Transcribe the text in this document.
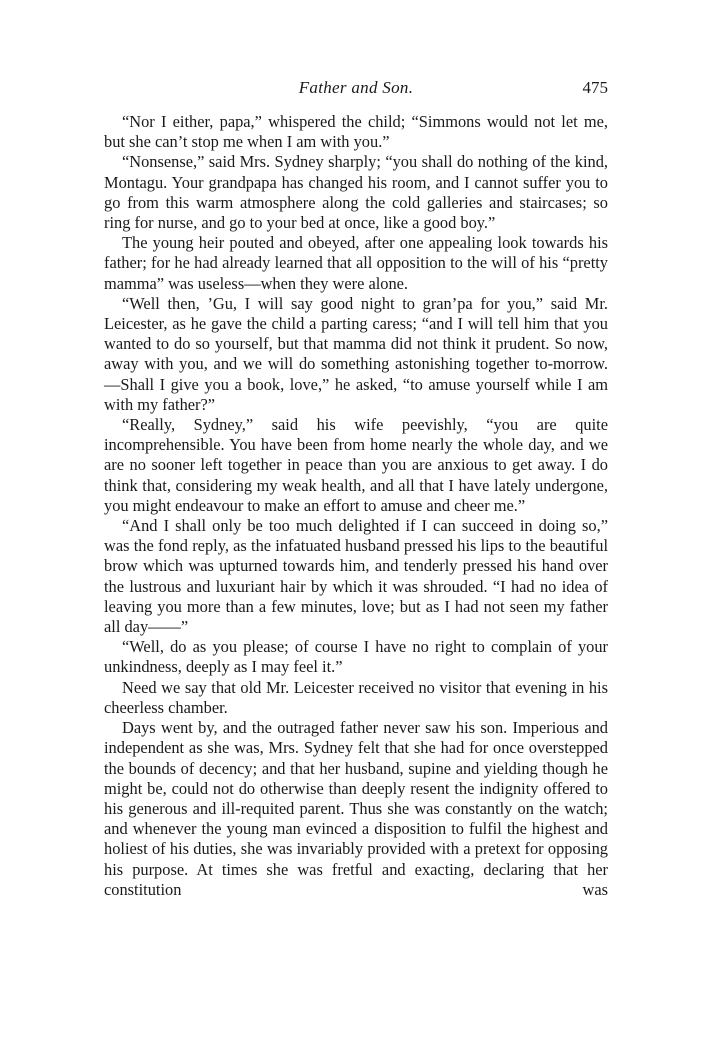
Father and Son.	475

“Nor I either, papa,” whispered the child; “Simmons would not let me, but she can’t stop me when I am with you.”

“Nonsense,” said Mrs. Sydney sharply; “you shall do nothing of the kind, Montagu. Your grandpapa has changed his room, and I cannot suffer you to go from this warm atmosphere along the cold galleries and staircases; so ring for nurse, and go to your bed at once, like a good boy.”

The young heir pouted and obeyed, after one appealing look towards his father; for he had already learned that all opposition to the will of his “pretty mamma” was useless—when they were alone.

“Well then, ’Gu, I will say good night to gran’pa for you,” said Mr. Leicester, as he gave the child a parting caress; “and I will tell him that you wanted to do so yourself, but that mamma did not think it prudent. So now, away with you, and we will do something astonishing together to-morrow.—Shall I give you a book, love,” he asked, “to amuse yourself while I am with my father?”

“Really, Sydney,” said his wife peevishly, “you are quite incomprehensible. You have been from home nearly the whole day, and we are no sooner left together in peace than you are anxious to get away. I do think that, considering my weak health, and all that I have lately undergone, you might endeavour to make an effort to amuse and cheer me.”

“And I shall only be too much delighted if I can succeed in doing so,” was the fond reply, as the infatuated husband pressed his lips to the beautiful brow which was upturned towards him, and tenderly pressed his hand over the lustrous and luxuriant hair by which it was shrouded. “I had no idea of leaving you more than a few minutes, love; but as I had not seen my father all day——”

“Well, do as you please; of course I have no right to complain of your unkindness, deeply as I may feel it.”

Need we say that old Mr. Leicester received no visitor that evening in his cheerless chamber.

Days went by, and the outraged father never saw his son. Imperious and independent as she was, Mrs. Sydney felt that she had for once overstepped the bounds of decency; and that her husband, supine and yielding though he might be, could not do otherwise than deeply resent the indignity offered to his generous and ill-requited parent. Thus she was constantly on the watch; and whenever the young man evinced a disposition to fulfil the highest and holiest of his duties, she was invariably provided with a pretext for opposing his purpose. At times she was fretful and exacting, declaring that her constitution was
